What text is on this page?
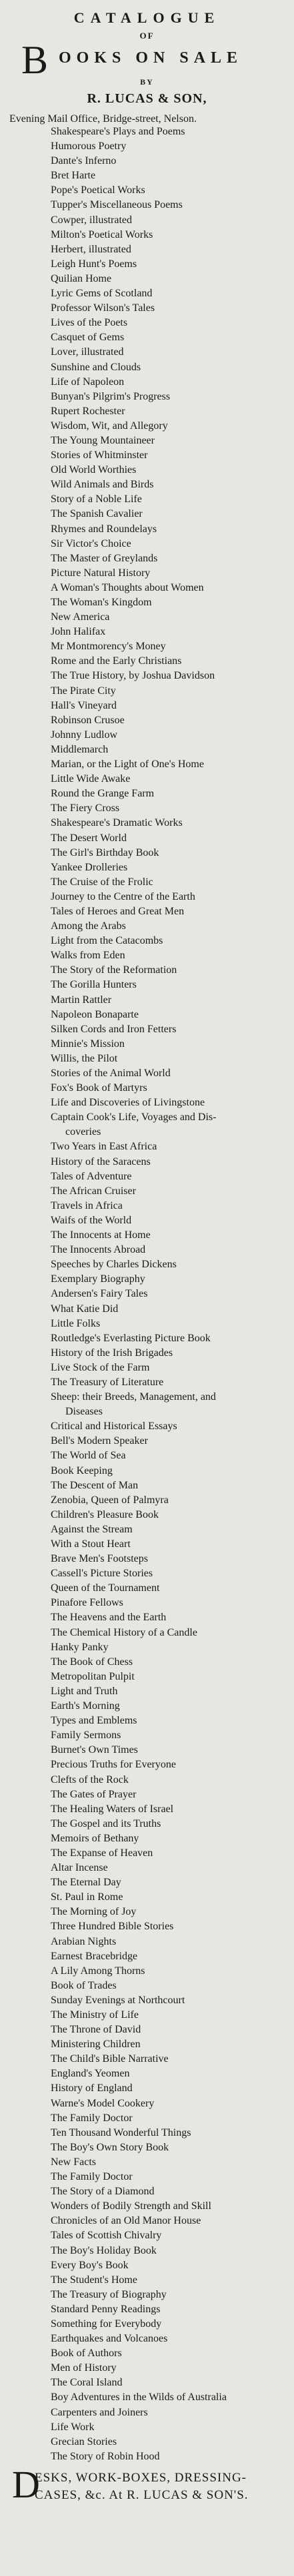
CATALOGUE
OF
B OOKS ON SALE
BY
R. LUCAS & SON,
Evening Mail Office, Bridge-street, Nelson.
Shakespeare's Plays and Poems
Humorous Poetry
Dante's Inferno
Bret Harte
Pope's Poetical Works
Tupper's Miscellaneous Poems
Cowper, illustrated
Milton's Poetical Works
Herbert, illustrated
Leigh Hunt's Poems
Quilian Home
Lyric Gems of Scotland
Professor Wilson's Tales
Lives of the Poets
Casquet of Gems
Lover, illustrated
Sunshine and Clouds
Life of Napoleon
Bunyan's Pilgrim's Progress
Rupert Rochester
Wisdom, Wit, and Allegory
The Young Mountaineer
Stories of Whitminster
Old World Worthies
Wild Animals and Birds
Story of a Noble Life
The Spanish Cavalier
Rhymes and Roundelays
Sir Victor's Choice
The Master of Greylands
Picture Natural History
A Woman's Thoughts about Women
The Woman's Kingdom
New America
John Halifax
Mr Montmorency's Money
Rome and the Early Christians
The True History, by Joshua Davidson
The Pirate City
Hall's Vineyard
Robinson Crusoe
Johnny Ludlow
Middlemarch
Marian, or the Light of One's Home
Little Wide Awake
Round the Grange Farm
The Fiery Cross
Shakespeare's Dramatic Works
The Desert World
The Girl's Birthday Book
Yankee Drolleries
The Cruise of the Frolic
Journey to the Centre of the Earth
Tales of Heroes and Great Men
Among the Arabs
Light from the Catacombs
Walks from Eden
The Story of the Reformation
The Gorilla Hunters
Martin Rattler
Napoleon Bonaparte
Silken Cords and Iron Fetters
Minnie's Mission
Willis, the Pilot
Stories of the Animal World
Fox's Book of Martyrs
Life and Discoveries of Livingstone
Captain Cook's Life, Voyages and Dis-
coveries
Two Years in East Africa
History of the Saracens
Tales of Adventure
The African Cruiser
Travels in Africa
Waifs of the World
The Innocents at Home
The Innocents Abroad
Speeches by Charles Dickens
Exemplary Biography
Andersen's Fairy Tales
What Katie Did
Little Folks
Routledge's Everlasting Picture Book
History of the Irish Brigades
Live Stock of the Farm
The Treasury of Literature
Sheep: their Breeds, Management, and
Diseases
Critical and Historical Essays
Bell's Modern Speaker
The World of Sea
Book Keeping
The Descent of Man
Zenobia, Queen of Palmyra
Children's Pleasure Book
Against the Stream
With a Stout Heart
Brave Men's Footsteps
Cassell's Picture Stories
Queen of the Tournament
Pinafore Fellows
The Heavens and the Earth
The Chemical History of a Candle
Hanky Panky
The Book of Chess
Metropolitan Pulpit
Light and Truth
Earth's Morning
Types and Emblems
Family Sermons
Burnet's Own Times
Precious Truths for Everyone
Clefts of the Rock
The Gates of Prayer
The Healing Waters of Israel
The Gospel and its Truths
Memoirs of Bethany
The Expanse of Heaven
Altar Incense
The Eternal Day
St. Paul in Rome
The Morning of Joy
Three Hundred Bible Stories
Arabian Nights
Earnest Bracebridge
A Lily Among Thorns
Book of Trades
Sunday Evenings at Northcourt
The Ministry of Life
The Throne of David
Ministering Children
The Child's Bible Narrative
England's Yeomen
History of England
Warne's Model Cookery
The Family Doctor
Ten Thousand Wonderful Things
The Boy's Own Story Book
New Facts
The Family Doctor
The Story of a Diamond
Wonders of Bodily Strength and Skill
Chronicles of an Old Manor House
Tales of Scottish Chivalry
The Boy's Holiday Book
Every Boy's Book
The Student's Home
The Treasury of Biography
Standard Penny Readings
Something for Everybody
Earthquakes and Volcanoes
Book of Authors
Men of History
The Coral Island
Boy Adventures in the Wilds of Australia
Carpenters and Joiners
Life Work
Grecian Stories
The Story of Robin Hood
D
ESKS, WORK-BOXES, DRESSING-
CASES, &c. At R. LUCAS & SON'S.
